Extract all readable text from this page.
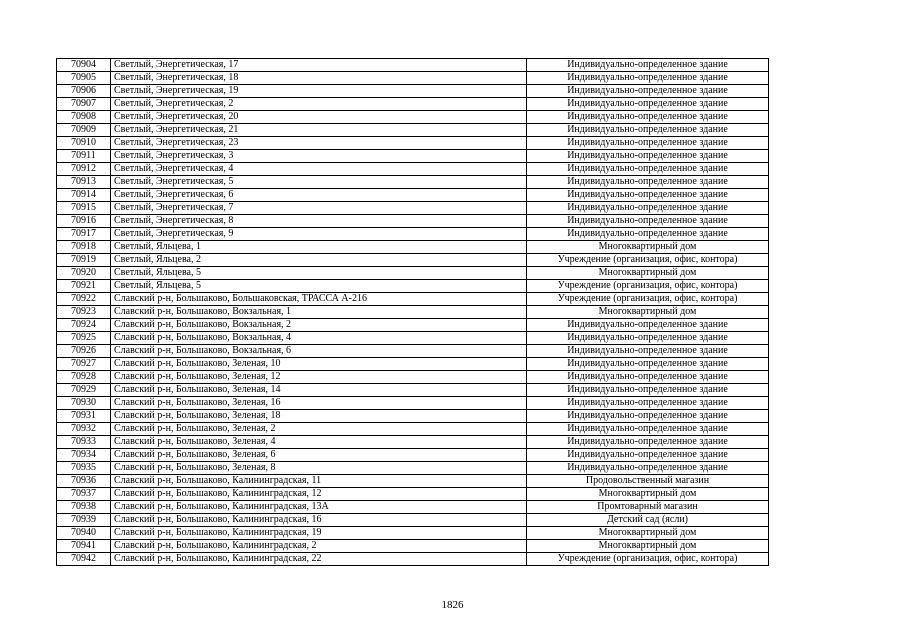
70904	Светлый, Энергетическая, 17	Индивидуально-определенное здание
70905	Светлый, Энергетическая, 18	Индивидуально-определенное здание
70906	Светлый, Энергетическая, 19	Индивидуально-определенное здание
70907	Светлый, Энергетическая, 2	Индивидуально-определенное здание
70908	Светлый, Энергетическая, 20	Индивидуально-определенное здание
70909	Светлый, Энергетическая, 21	Индивидуально-определенное здание
70910	Светлый, Энергетическая, 23	Индивидуально-определенное здание
70911	Светлый, Энергетическая, 3	Индивидуально-определенное здание
70912	Светлый, Энергетическая, 4	Индивидуально-определенное здание
70913	Светлый, Энергетическая, 5	Индивидуально-определенное здание
70914	Светлый, Энергетическая, 6	Индивидуально-определенное здание
70915	Светлый, Энергетическая, 7	Индивидуально-определенное здание
70916	Светлый, Энергетическая, 8	Индивидуально-определенное здание
70917	Светлый, Энергетическая, 9	Индивидуально-определенное здание
70918	Светлый, Яльцева, 1	Многоквартирный дом
70919	Светлый, Яльцева, 2	Учреждение (организация, офис, контора)
70920	Светлый, Яльцева, 5	Многоквартирный дом
70921	Светлый, Яльцева, 5	Учреждение (организация, офис, контора)
70922	Славский р-н, Большаково, Большаковская, ТРАССА А-216	Учреждение (организация, офис, контора)
70923	Славский р-н, Большаково, Вокзальная, 1	Многоквартирный дом
70924	Славский р-н, Большаково, Вокзальная, 2	Индивидуально-определенное здание
70925	Славский р-н, Большаково, Вокзальная, 4	Индивидуально-определенное здание
70926	Славский р-н, Большаково, Вокзальная, 6	Индивидуально-определенное здание
70927	Славский р-н, Большаково, Зеленая, 10	Индивидуально-определенное здание
70928	Славский р-н, Большаково, Зеленая, 12	Индивидуально-определенное здание
70929	Славский р-н, Большаково, Зеленая, 14	Индивидуально-определенное здание
70930	Славский р-н, Большаково, Зеленая, 16	Индивидуально-определенное здание
70931	Славский р-н, Большаково, Зеленая, 18	Индивидуально-определенное здание
70932	Славский р-н, Большаково, Зеленая, 2	Индивидуально-определенное здание
70933	Славский р-н, Большаково, Зеленая, 4	Индивидуально-определенное здание
70934	Славский р-н, Большаково, Зеленая, 6	Индивидуально-определенное здание
70935	Славский р-н, Большаково, Зеленая, 8	Индивидуально-определенное здание
70936	Славский р-н, Большаково, Калининградская, 11	Продовольственный магазин
70937	Славский р-н, Большаково, Калининградская, 12	Многоквартирный дом
70938	Славский р-н, Большаково, Калининградская, 13А	Промтоварный магазин
70939	Славский р-н, Большаково, Калининградская, 16	Детский сад (ясли)
70940	Славский р-н, Большаково, Калининградская, 19	Многоквартирный дом
70941	Славский р-н, Большаково, Калининградская, 2	Многоквартирный дом
70942	Славский р-н, Большаково, Калининградская, 22	Учреждение (организация, офис, контора)
1826
